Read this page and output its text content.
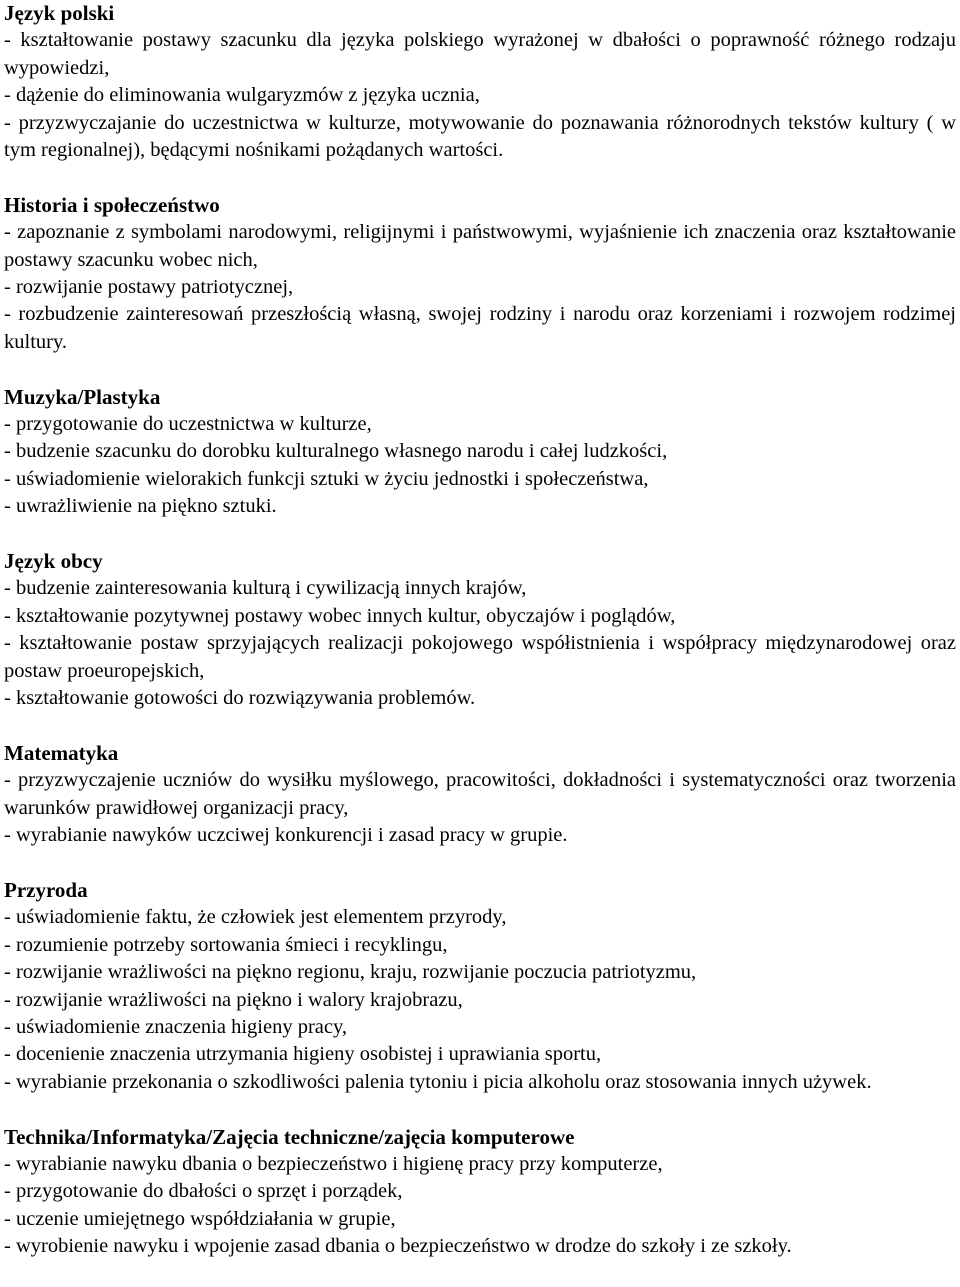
Język polski
- kształtowanie postawy szacunku dla języka polskiego wyrażonej w dbałości o poprawność różnego rodzaju wypowiedzi,
- dążenie do eliminowania wulgaryzmów z języka ucznia,
- przyzwyczajanie do uczestnictwa w kulturze, motywowanie do poznawania różnorodnych tekstów kultury ( w tym regionalnej), będącymi nośnikami pożądanych wartości.
Historia i społeczeństwo
- zapoznanie z symbolami narodowymi, religijnymi i państwowymi, wyjaśnienie ich znaczenia oraz kształtowanie postawy szacunku wobec nich,
- rozwijanie postawy patriotycznej,
- rozbudzenie zainteresowań przeszłością własną, swojej rodziny i narodu oraz korzeniami i rozwojem rodzimej kultury.
Muzyka/Plastyka
- przygotowanie do uczestnictwa w kulturze,
- budzenie szacunku do dorobku kulturalnego własnego narodu i całej ludzkości,
- uświadomienie wielorakich funkcji sztuki w życiu jednostki i społeczeństwa,
- uwrażliwienie na piękno sztuki.
Język obcy
- budzenie zainteresowania kulturą i cywilizacją innych krajów,
- kształtowanie pozytywnej postawy wobec innych kultur, obyczajów i poglądów,
- kształtowanie postaw sprzyjających realizacji pokojowego współistnienia i współpracy międzynarodowej oraz postaw proeuropejskich,
- kształtowanie gotowości do rozwiązywania problemów.
Matematyka
- przyzwyczajenie uczniów do wysiłku myślowego, pracowitości, dokładności i systematyczności oraz tworzenia warunków prawidłowej organizacji pracy,
- wyrabianie nawyków uczciwej konkurencji i zasad pracy w grupie.
Przyroda
- uświadomienie faktu, że człowiek jest elementem przyrody,
- rozumienie potrzeby sortowania śmieci i recyklingu,
- rozwijanie wrażliwości na piękno regionu, kraju, rozwijanie poczucia patriotyzmu,
- rozwijanie wrażliwości na piękno i walory krajobrazu,
- uświadomienie znaczenia higieny pracy,
- docenienie znaczenia utrzymania higieny osobistej i uprawiania sportu,
- wyrabianie przekonania o szkodliwości palenia tytoniu i picia alkoholu oraz stosowania innych używek.
Technika/Informatyka/Zajęcia techniczne/zajęcia komputerowe
- wyrabianie nawyku dbania o bezpieczeństwo i higienę pracy przy komputerze,
- przygotowanie do dbałości o sprzęt i porządek,
- uczenie umiejętnego współdziałania w grupie,
- wyrobienie nawyku i wpojenie zasad dbania o bezpieczeństwo w drodze do szkoły i ze szkoły.
